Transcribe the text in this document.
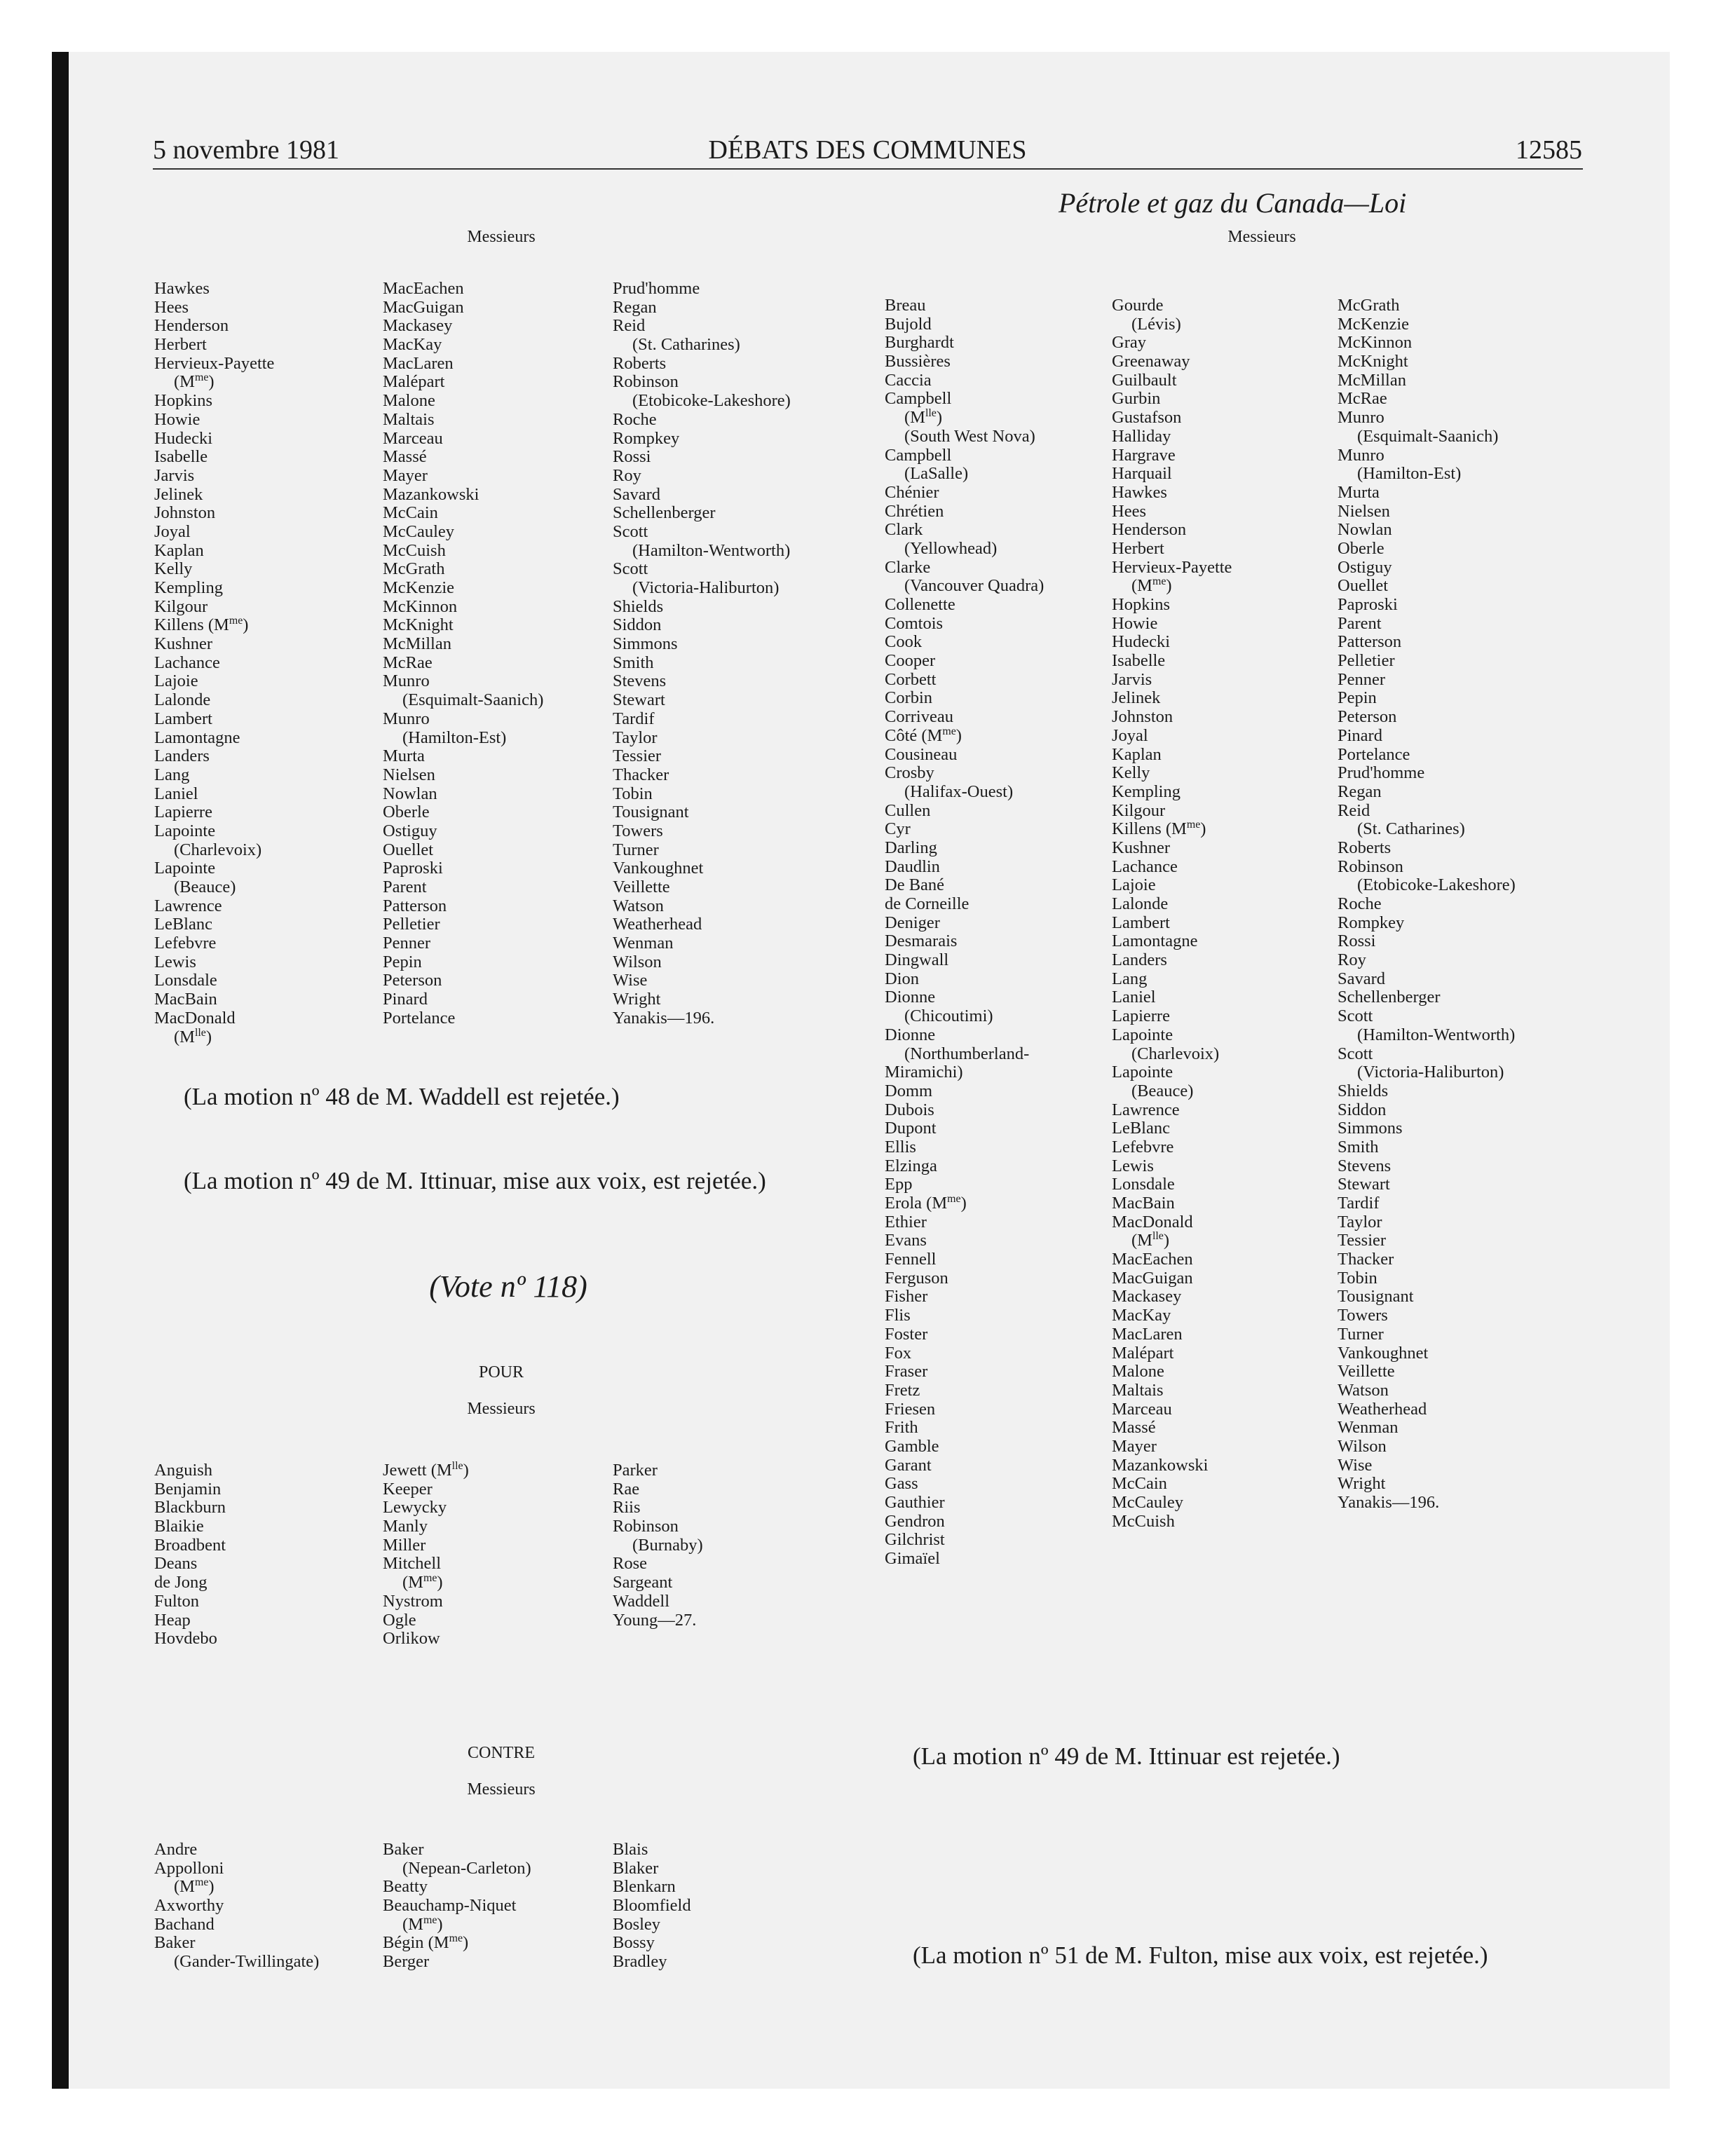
5 novembre 1981	DÉBATS DES COMMUNES	12585
Pétrole et gaz du Canada—Loi
Messieurs
Hawkes
Hees
Henderson
Herbert
Hervieux-Payette
$(M^{me})$
Hopkins
Howie
Hudecki
Isabelle
Jarvis
Jelinek
Johnston
Joyal
Kaplan
Kelly
Kempling
Kilgour
Killens $(M^{me})$
Kushner
Lachance
Lajoie
Lalonde
Lambert
Lamontagne
Landers
Lang
Laniel
Lapierre
Lapointe
(Charlevoix)
Lapointe
(Beauce)
Lawrence
LeBlanc
Lefebvre
Lewis
Lonsdale
MacBain
MacDonald
$(M^{lle})$
MacEachen
MacGuigan
Mackasey
MacKay
MacLaren
Malépart
Malone
Maltais
Marceau
Massé
Mayer
Mazankowski
McCain
McCauley
McCuish
McGrath
McKenzie
McKinnon
McKnight
McMillan
McRae
Munro
(Esquimalt-Saanich)
Munro
(Hamilton-Est)
Murta
Nielsen
Nowlan
Oberle
Ostiguy
Ouellet
Paproski
Parent
Patterson
Pelletier
Penner
Pepin
Peterson
Pinard
Portelance
Prud'homme
Regan
Reid
(St. Catharines)
Roberts
Robinson
(Etobicoke-Lakeshore)
Roche
Rompkey
Rossi
Roy
Savard
Schellenberger
Scott
(Hamilton-Wentworth)
Scott
(Victoria-Haliburton)
Shields
Siddon
Simmons
Smith
Stevens
Stewart
Tardif
Taylor
Tessier
Thacker
Tobin
Tousignant
Towers
Turner
Vankoughnet
Veillette
Watson
Weatherhead
Wenman
Wilson
Wise
Wright
Yanakis—196.
(La motion nº 48 de M. Waddell est rejetée.)
(La motion nº 49 de M. Ittinuar, mise aux voix, est rejetée.)
(Vote nº 118)
POUR
Messieurs
Anguish
Benjamin
Blackburn
Blaikie
Broadbent
Deans
de Jong
Fulton
Heap
Hovdebo
Jewett $(M^{lle})$
Keeper
Lewycky
Manly
Miller
Mitchell
$(M^{me})$
Nystrom
Ogle
Orlikow
Parker
Rae
Riis
Robinson
(Burnaby)
Rose
Sargeant
Waddell
Young—27.
CONTRE
Messieurs
Andre
Appolloni
$(M^{me})$
Axworthy
Bachand
Baker
(Gander-Twillingate)
Baker
(Nepean-Carleton)
Beatty
Beauchamp-Niquet
$(M^{me})$
Bégin $(M^{me})$
Berger
Blais
Blaker
Blenkarn
Bloomfield
Bosley
Bossy
Bradley
Messieurs
Breau
Bujold
Burghardt
Bussières
Caccia
Campbell
$(M^{lle})$
(South West Nova)
Campbell
(LaSalle)
Chénier
Chrétien
Clark
(Yellowhead)
Clarke
(Vancouver Quadra)
Collenette
Comtois
Cook
Cooper
Corbett
Corbin
Corriveau
Côté $(M^{me})$
Cousineau
Crosby
(Halifax-Ouest)
Cullen
Cyr
Darling
Daudlin
De Bané
de Corneille
Deniger
Desmarais
Dingwall
Dion
Dionne
(Chicoutimi)
Dionne
(Northumberland-
Miramichi)
Domm
Dubois
Dupont
Ellis
Elzinga
Epp
Erola $(M^{me})$
Ethier
Evans
Fennell
Ferguson
Fisher
Flis
Foster
Fox
Fraser
Fretz
Friesen
Frith
Gamble
Garant
Gass
Gauthier
Gendron
Gilchrist
Gimaïel
Gourde
(Lévis)
Gray
Greenaway
Guilbault
Gurbin
Gustafson
Halliday
Hargrave
Harquail
Hawkes
Hees
Henderson
Herbert
Hervieux-Payette
$(M^{me})$
Hopkins
Howie
Hudecki
Isabelle
Jarvis
Jelinek
Johnston
Joyal
Kaplan
Kelly
Kempling
Kilgour
Killens $(M^{me})$
Kushner
Lachance
Lajoie
Lalonde
Lambert
Lamontagne
Landers
Lang
Laniel
Lapierre
Lapointe
(Charlevoix)
Lapointe
(Beauce)
Lawrence
LeBlanc
Lefebvre
Lewis
Lonsdale
MacBain
MacDonald
$(M^{lle})$
MacEachen
MacGuigan
Mackasey
MacKay
MacLaren
Malépart
Malone
Maltais
Marceau
Massé
Mayer
Mazankowski
McCain
McCauley
McCuish
McGrath
McKenzie
McKinnon
McKnight
McMillan
McRae
Munro
(Esquimalt-Saanich)
Munro
(Hamilton-Est)
Murta
Nielsen
Nowlan
Oberle
Ostiguy
Ouellet
Paproski
Parent
Patterson
Pelletier
Penner
Pepin
Peterson
Pinard
Portelance
Prud'homme
Regan
Reid
(St. Catharines)
Roberts
Robinson
(Etobicoke-Lakeshore)
Roche
Rompkey
Rossi
Roy
Savard
Schellenberger
Scott
(Hamilton-Wentworth)
Scott
(Victoria-Haliburton)
Shields
Siddon
Simmons
Smith
Stevens
Stewart
Tardif
Taylor
Tessier
Thacker
Tobin
Tousignant
Towers
Turner
Vankoughnet
Veillette
Watson
Weatherhead
Wenman
Wilson
Wise
Wright
Yanakis—196.
(La motion nº 49 de M. Ittinuar est rejetée.)
(La motion nº 51 de M. Fulton, mise aux voix, est rejetée.)
